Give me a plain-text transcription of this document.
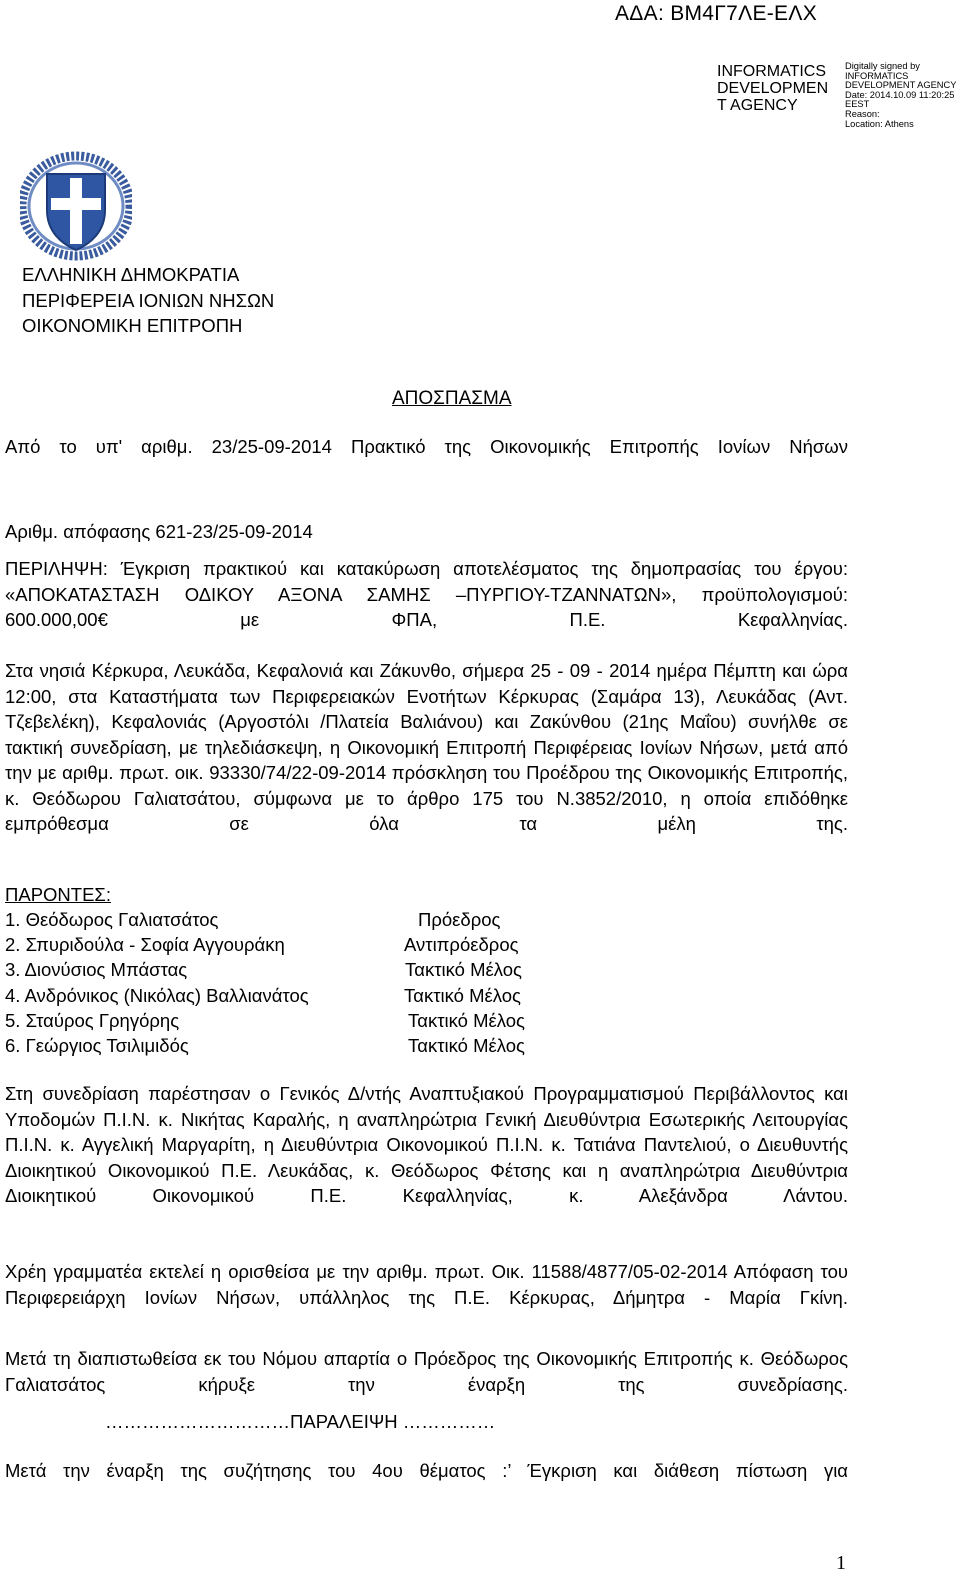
ΑΔΑ: ΒΜ4Γ7ΛΕ-ΕΛΧ
INFORMATICS DEVELOPMEN T AGENCY
Digitally signed by
INFORMATICS
DEVELOPMENT AGENCY
Date: 2014.10.09 11:20:25
EEST
Reason:
Location: Athens
ΕΛΛΗΝΙΚΗ ΔΗΜΟΚΡΑΤΙΑ
ΠΕΡΙΦΕΡΕΙΑ ΙΟΝΙΩΝ ΝΗΣΩΝ
ΟΙΚΟΝΟΜΙΚΗ ΕΠΙΤΡΟΠΗ
ΑΠΟΣΠΑΣΜΑ
Από το υπ' αριθμ. 23/25-09-2014 Πρακτικό της Οικονομικής Επιτροπής Ιονίων Νήσων
Αριθμ. απόφασης 621-23/25-09-2014
ΠΕΡΙΛΗΨΗ: Έγκριση πρακτικού και κατακύρωση αποτελέσματος της δημοπρασίας του έργου: «ΑΠΟΚΑΤΑΣΤΑΣΗ ΟΔΙΚΟΥ ΑΞΟΝΑ ΣΑΜΗΣ –ΠΥΡΓΙΟΥ-ΤΖΑΝΝΑΤΩΝ», προϋπολογισμού: 600.000,00€ με ΦΠΑ, Π.Ε. Κεφαλληνίας.
Στα νησιά Κέρκυρα, Λευκάδα, Κεφαλονιά και Ζάκυνθο, σήμερα 25 - 09 - 2014 ημέρα Πέμπτη και ώρα 12:00, στα Καταστήματα των Περιφερειακών Ενοτήτων Κέρκυρας (Σαμάρα 13), Λευκάδας (Αντ. Τζεβελέκη), Κεφαλονιάς (Αργοστόλι /Πλατεία Βαλιάνου) και Ζακύνθου (21ης Μαΐου) συνήλθε σε τακτική συνεδρίαση, με τηλεδιάσκεψη, η Οικονομική Επιτροπή Περιφέρειας Ιονίων Νήσων, μετά από την με αριθμ. πρωτ. οικ. 93330/74/22-09-2014 πρόσκληση του Προέδρου της Οικονομικής Επιτροπής, κ. Θεόδωρου Γαλιατσάτου, σύμφωνα με το άρθρο 175 του Ν.3852/2010, η οποία επιδόθηκε εμπρόθεσμα σε όλα τα μέλη της.
ΠΑΡΟΝΤΕΣ:
1. Θεόδωρος Γαλιατσάτος	Πρόεδρος
2. Σπυριδούλα - Σοφία Αγγουράκη	Αντιπρόεδρος
3. Διονύσιος Μπάστας	Τακτικό Μέλος
4. Ανδρόνικος (Νικόλας) Βαλλιανάτος	Τακτικό Μέλος
5. Σταύρος Γρηγόρης	Τακτικό Μέλος
6. Γεώργιος Τσιλιμιδός	Τακτικό Μέλος
Στη συνεδρίαση παρέστησαν ο Γενικός Δ/ντής Αναπτυξιακού Προγραμματισμού Περιβάλλοντος και Υποδομών Π.Ι.Ν. κ. Νικήτας Καραλής, η αναπληρώτρια Γενική Διευθύντρια Εσωτερικής Λειτουργίας Π.Ι.Ν. κ. Αγγελική Μαργαρίτη, η Διευθύντρια Οικονομικού Π.Ι.Ν. κ. Τατιάνα Παντελιού, ο Διευθυντής Διοικητικού Οικονομικού Π.Ε. Λευκάδας, κ. Θεόδωρος Φέτσης και η αναπληρώτρια Διευθύντρια Διοικητικού Οικονομικού Π.Ε. Κεφαλληνίας, κ. Αλεξάνδρα Λάντου.
Χρέη γραμματέα εκτελεί η ορισθείσα με την αριθμ. πρωτ. Οικ. 11588/4877/05-02-2014 Απόφαση του Περιφερειάρχη Ιονίων Νήσων, υπάλληλος της Π.Ε. Κέρκυρας, Δήμητρα - Μαρία Γκίνη.
Μετά τη διαπιστωθείσα εκ του Νόμου απαρτία ο Πρόεδρος της Οικονομικής Επιτροπής κ. Θεόδωρος Γαλιατσάτος κήρυξε την έναρξη της συνεδρίασης.
…………………………ΠΑΡΑΛΕΙΨΗ ……………
Μετά την έναρξη της συζήτησης του 4ου θέματος :’ Έγκριση και διάθεση πίστωση για
1
